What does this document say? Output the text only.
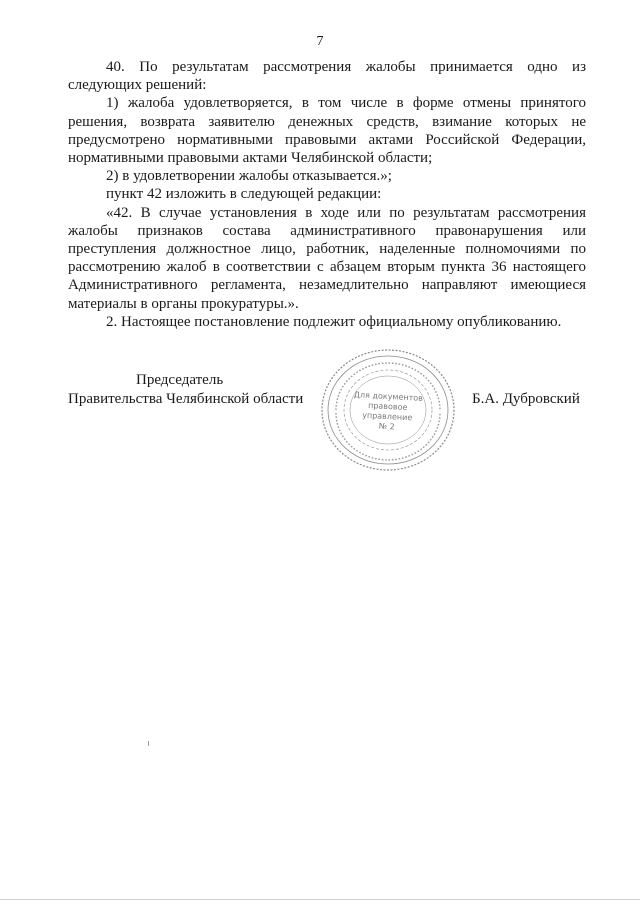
7

40. По результатам рассмотрения жалобы принимается одно из следующих решений:

1) жалоба удовлетворяется, в том числе в форме отмены принятого решения, возврата заявителю денежных средств, взимание которых не предусмотрено нормативными правовыми актами Российской Федерации, нормативными правовыми актами Челябинской области;

2) в удовлетворении жалобы отказывается.»;

пункт 42 изложить в следующей редакции:

«42. В случае установления в ходе или по результатам рассмотрения жалобы признаков состава административного правонарушения или преступления должностное лицо, работник, наделенные полномочиями по рассмотрению жалоб в соответствии с абзацем вторым пункта 36 настоящего Административного регламента, незамедлительно направляют имеющиеся материалы в органы прокуратуры.».

2. Настоящее постановление подлежит официальному опубликованию.

Председатель
Правительства Челябинской области	Для документов
правовое
управление
№ 2
Б.А. Дубровский
